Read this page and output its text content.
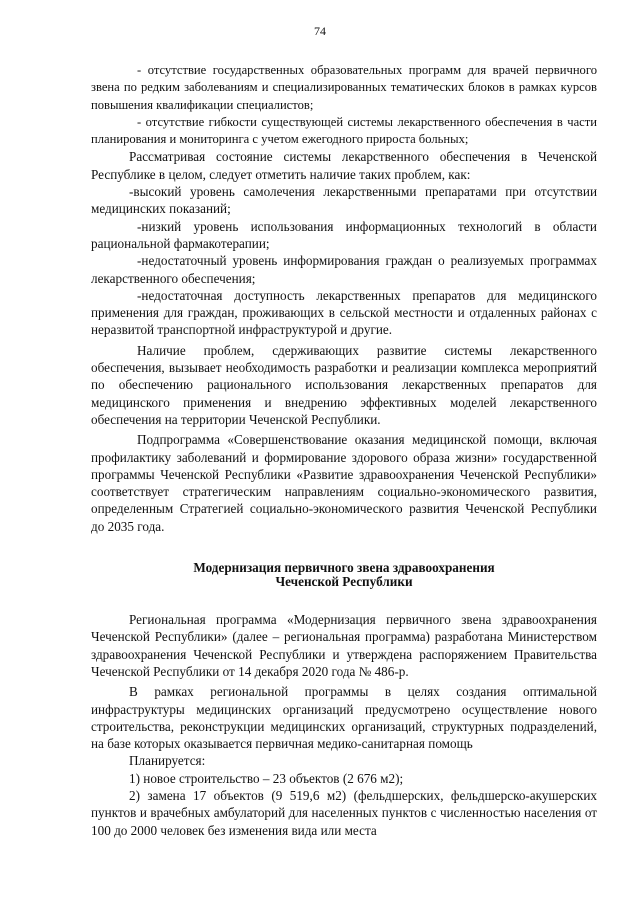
74

- отсутствие государственных образовательных программ для врачей первичного звена по редким заболеваниям и специализированных тематических блоков в рамках курсов повышения квалификации специалистов;

- отсутствие гибкости существующей системы лекарственного обеспечения в части планирования и мониторинга с учетом ежегодного прироста больных;

Рассматривая состояние системы лекарственного обеспечения в Чеченской Республике в целом, следует отметить наличие таких проблем, как:

-высокий уровень самолечения лекарственными препаратами при отсутствии медицинских показаний;

-низкий уровень использования информационных технологий в области рациональной фармакотерапии;

-недостаточный уровень информирования граждан о реализуемых программах лекарственного обеспечения;

-недостаточная доступность лекарственных препаратов для медицинского применения для граждан, проживающих в сельской местности и отдаленных районах с неразвитой транспортной инфраструктурой и другие.

Наличие проблем, сдерживающих развитие системы лекарственного обеспечения, вызывает необходимость разработки и реализации комплекса мероприятий по обеспечению рационального использования лекарственных препаратов для медицинского применения и внедрению эффективных моделей лекарственного обеспечения на территории Чеченской Республики.

Подпрограмма «Совершенствование оказания медицинской помощи, включая профилактику заболеваний и формирование здорового образа жизни» государственной программы Чеченской Республики «Развитие здравоохранения Чеченской Республики» соответствует стратегическим направлениям социально-экономического развития, определенным Стратегией социально-экономического развития Чеченской Республики до 2035 года.

Модернизация первичного звена здравоохранения
Чеченской Республики

Региональная программа «Модернизация первичного звена здравоохранения Чеченской Республики» (далее – региональная программа) разработана Министерством здравоохранения Чеченской Республики и утверждена распоряжением Правительства Чеченской Республики от 14 декабря 2020 года № 486-р.

В рамках региональной программы в целях создания оптимальной инфраструктуры медицинских организаций предусмотрено осуществление нового строительства, реконструкции медицинских организаций, структурных подразделений, на базе которых оказывается первичная медико-санитарная помощь

Планируется:

1) новое строительство – 23 объектов (2 676 м2);

2) замена 17 объектов (9 519,6 м2) (фельдшерских, фельдшерско-акушерских пунктов и врачебных амбулаторий для населенных пунктов с численностью населения от 100 до 2000 человек без изменения вида или места
